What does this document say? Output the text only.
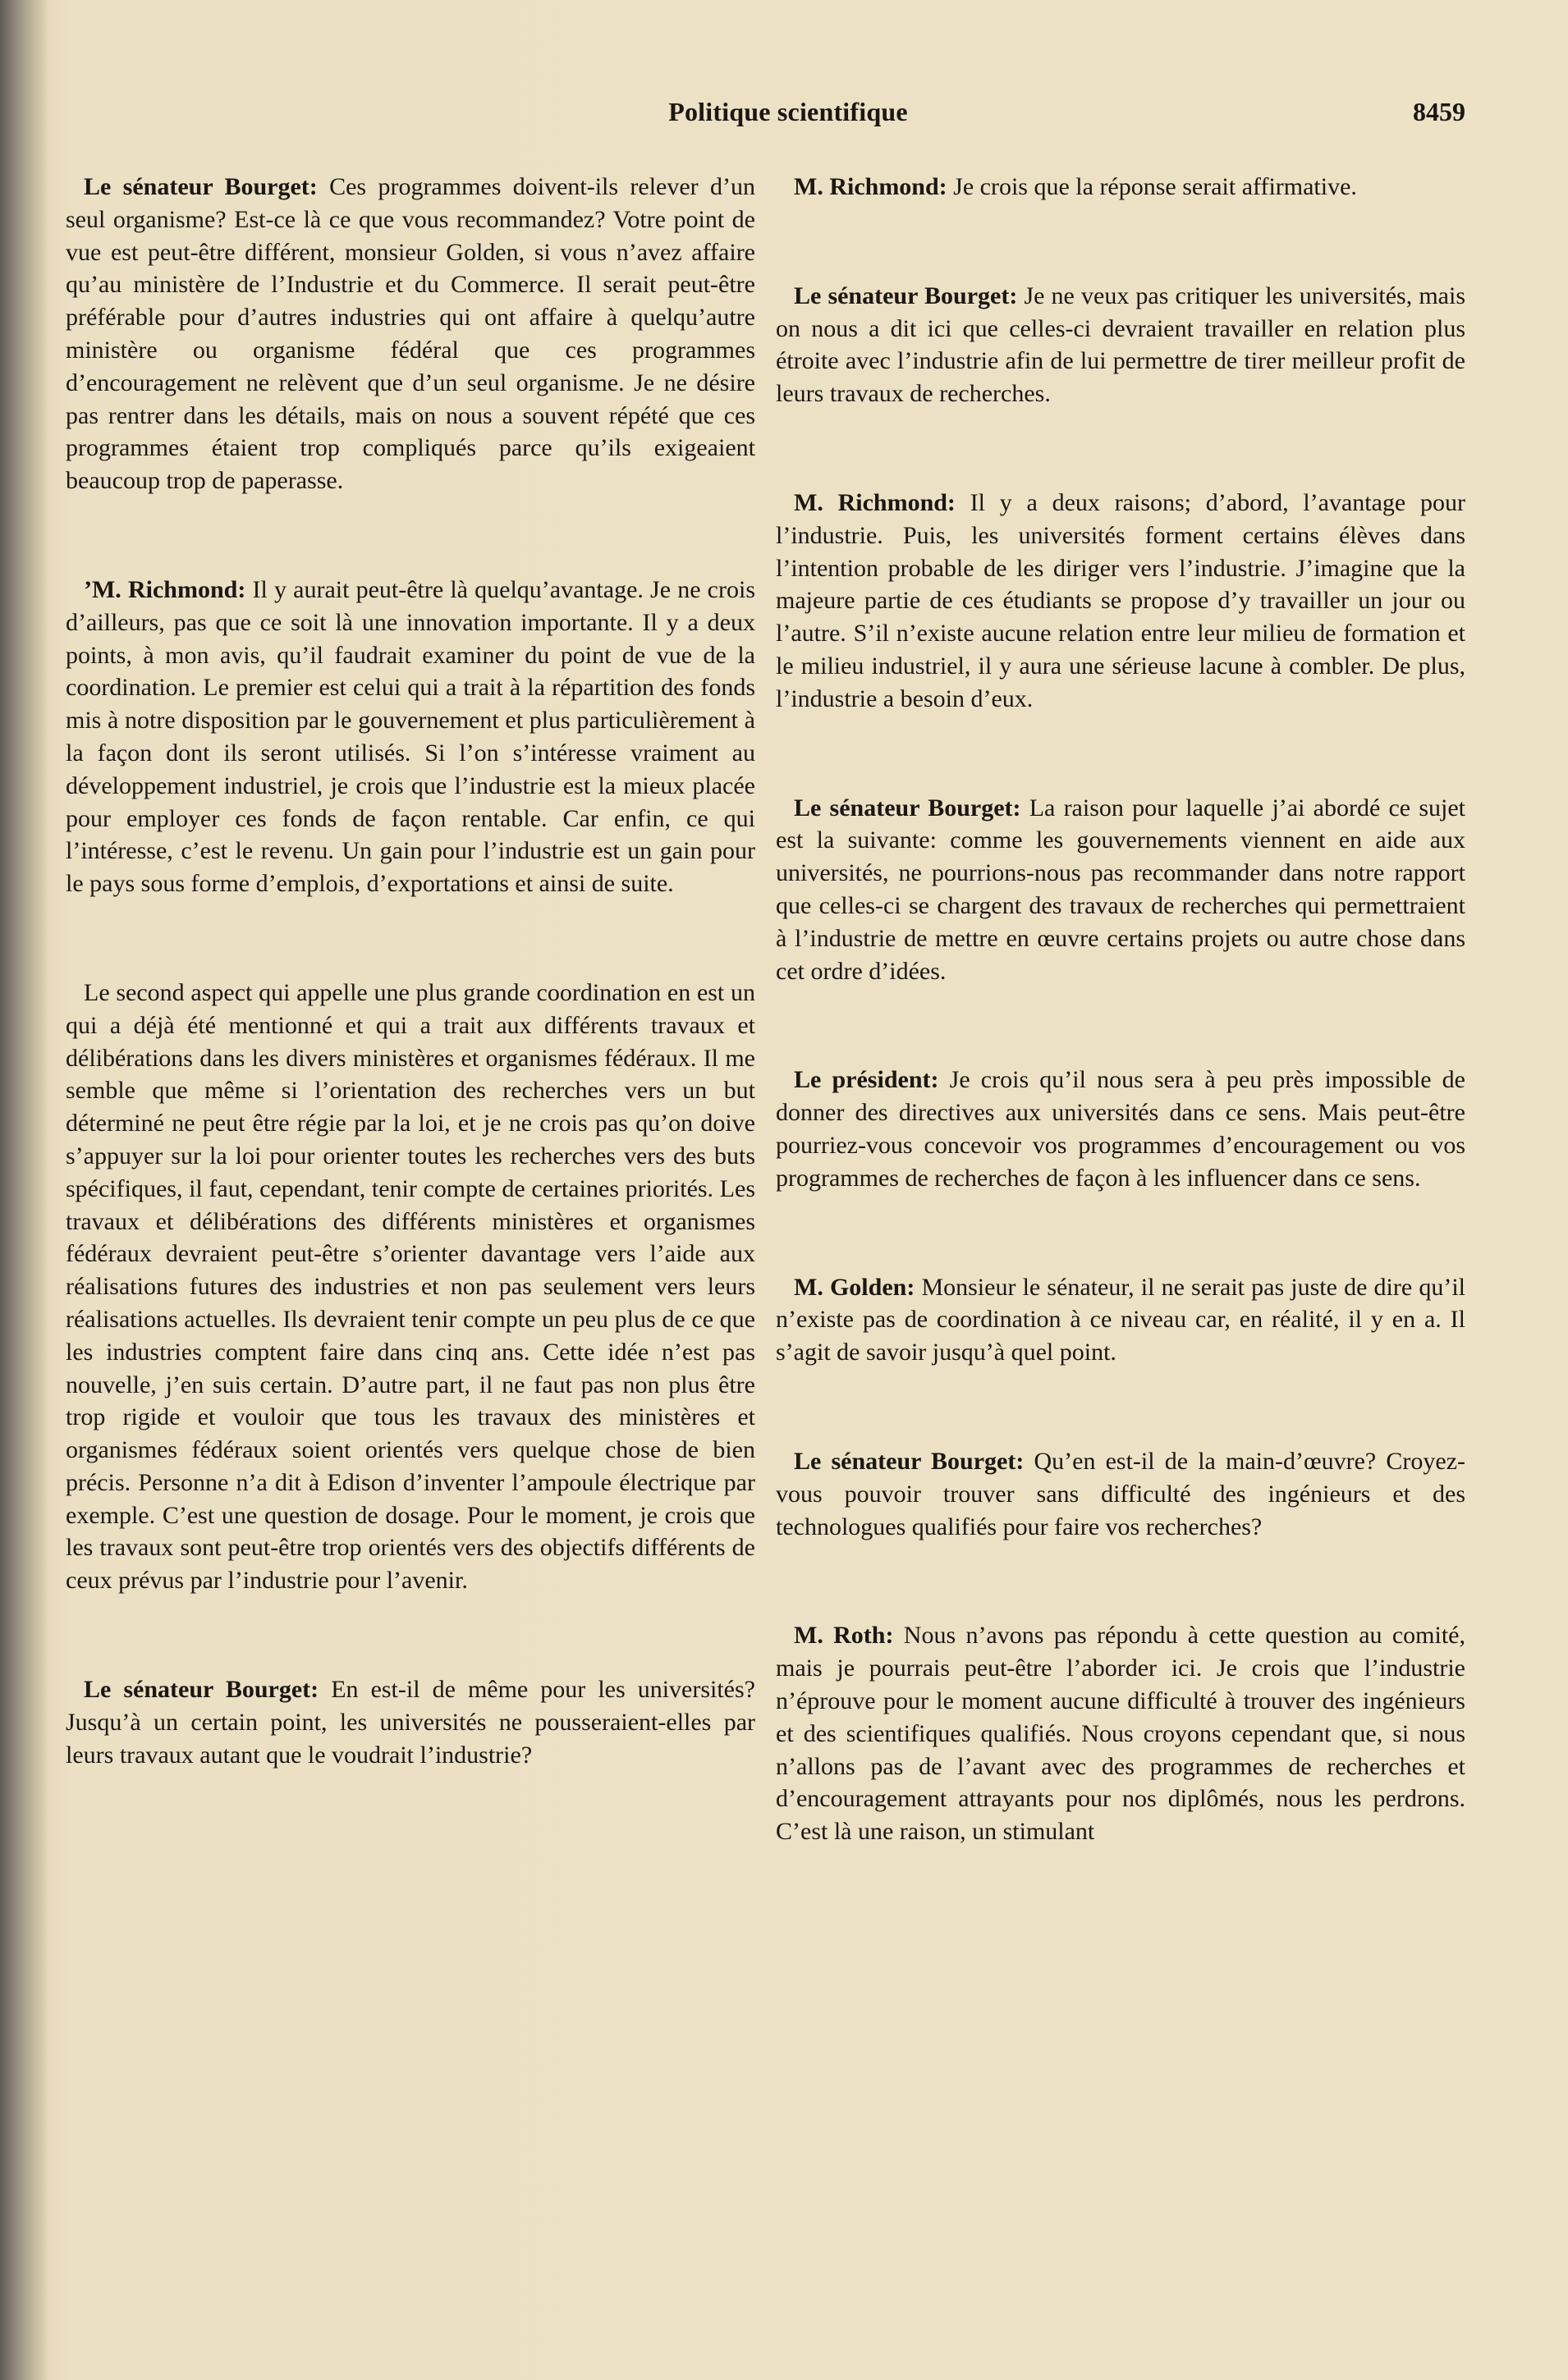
Politique scientifique	8459

Le sénateur Bourget: Ces programmes doivent-ils relever d’un seul organisme? Est-ce là ce que vous recommandez? Votre point de vue est peut-être différent, monsieur Golden, si vous n’avez affaire qu’au ministère de l’Industrie et du Commerce. Il serait peut-être préférable pour d’autres industries qui ont affaire à quelqu’autre ministère ou organisme fédéral que ces programmes d’encouragement ne relèvent que d’un seul organisme. Je ne désire pas rentrer dans les détails, mais on nous a souvent répété que ces programmes étaient trop compliqués parce qu’ils exigeaient beaucoup trop de paperasse.

’M. Richmond: Il y aurait peut-être là quelqu’avantage. Je ne crois d’ailleurs, pas que ce soit là une innovation importante. Il y a deux points, à mon avis, qu’il faudrait examiner du point de vue de la coordination. Le premier est celui qui a trait à la répartition des fonds mis à notre disposition par le gouvernement et plus particulièrement à la façon dont ils seront utilisés. Si l’on s’intéresse vraiment au développement industriel, je crois que l’industrie est la mieux placée pour employer ces fonds de façon rentable. Car enfin, ce qui l’intéresse, c’est le revenu. Un gain pour l’industrie est un gain pour le pays sous forme d’emplois, d’exportations et ainsi de suite.

Le second aspect qui appelle une plus grande coordination en est un qui a déjà été mentionné et qui a trait aux différents travaux et délibérations dans les divers ministères et organismes fédéraux. Il me semble que même si l’orientation des recherches vers un but déterminé ne peut être régie par la loi, et je ne crois pas qu’on doive s’appuyer sur la loi pour orienter toutes les recherches vers des buts spécifiques, il faut, cependant, tenir compte de certaines priorités. Les travaux et délibérations des différents ministères et organismes fédéraux devraient peut-être s’orienter davantage vers l’aide aux réalisations futures des industries et non pas seulement vers leurs réalisations actuelles. Ils devraient tenir compte un peu plus de ce que les industries comptent faire dans cinq ans. Cette idée n’est pas nouvelle, j’en suis certain. D’autre part, il ne faut pas non plus être trop rigide et vouloir que tous les travaux des ministères et organismes fédéraux soient orientés vers quelque chose de bien précis. Personne n’a dit à Edison d’inventer l’ampoule électrique par exemple. C’est une question de dosage. Pour le moment, je crois que les travaux sont peut-être trop orientés vers des objectifs différents de ceux prévus par l’industrie pour l’avenir.

Le sénateur Bourget: En est-il de même pour les universités? Jusqu’à un certain point, les universités ne pousseraient-elles par leurs travaux autant que le voudrait l’industrie?

M. Richmond: Je crois que la réponse serait affirmative.

Le sénateur Bourget: Je ne veux pas critiquer les universités, mais on nous a dit ici que celles-ci devraient travailler en relation plus étroite avec l’industrie afin de lui permettre de tirer meilleur profit de leurs travaux de recherches.

M. Richmond: Il y a deux raisons; d’abord, l’avantage pour l’industrie. Puis, les universités forment certains élèves dans l’intention probable de les diriger vers l’industrie. J’imagine que la majeure partie de ces étudiants se propose d’y travailler un jour ou l’autre. S’il n’existe aucune relation entre leur milieu de formation et le milieu industriel, il y aura une sérieuse lacune à combler. De plus, l’industrie a besoin d’eux.

Le sénateur Bourget: La raison pour laquelle j’ai abordé ce sujet est la suivante: comme les gouvernements viennent en aide aux universités, ne pourrions-nous pas recommander dans notre rapport que celles-ci se chargent des travaux de recherches qui permettraient à l’industrie de mettre en œuvre certains projets ou autre chose dans cet ordre d’idées.

Le président: Je crois qu’il nous sera à peu près impossible de donner des directives aux universités dans ce sens. Mais peut-être pourriez-vous concevoir vos programmes d’encouragement ou vos programmes de recherches de façon à les influencer dans ce sens.

M. Golden: Monsieur le sénateur, il ne serait pas juste de dire qu’il n’existe pas de coordination à ce niveau car, en réalité, il y en a. Il s’agit de savoir jusqu’à quel point.

Le sénateur Bourget: Qu’en est-il de la main-d’œuvre? Croyez-vous pouvoir trouver sans difficulté des ingénieurs et des technologues qualifiés pour faire vos recherches?

M. Roth: Nous n’avons pas répondu à cette question au comité, mais je pourrais peut-être l’aborder ici. Je crois que l’industrie n’éprouve pour le moment aucune difficulté à trouver des ingénieurs et des scientifiques qualifiés. Nous croyons cependant que, si nous n’allons pas de l’avant avec des programmes de recherches et d’encouragement attrayants pour nos diplômés, nous les perdrons. C’est là une raison, un stimulant
